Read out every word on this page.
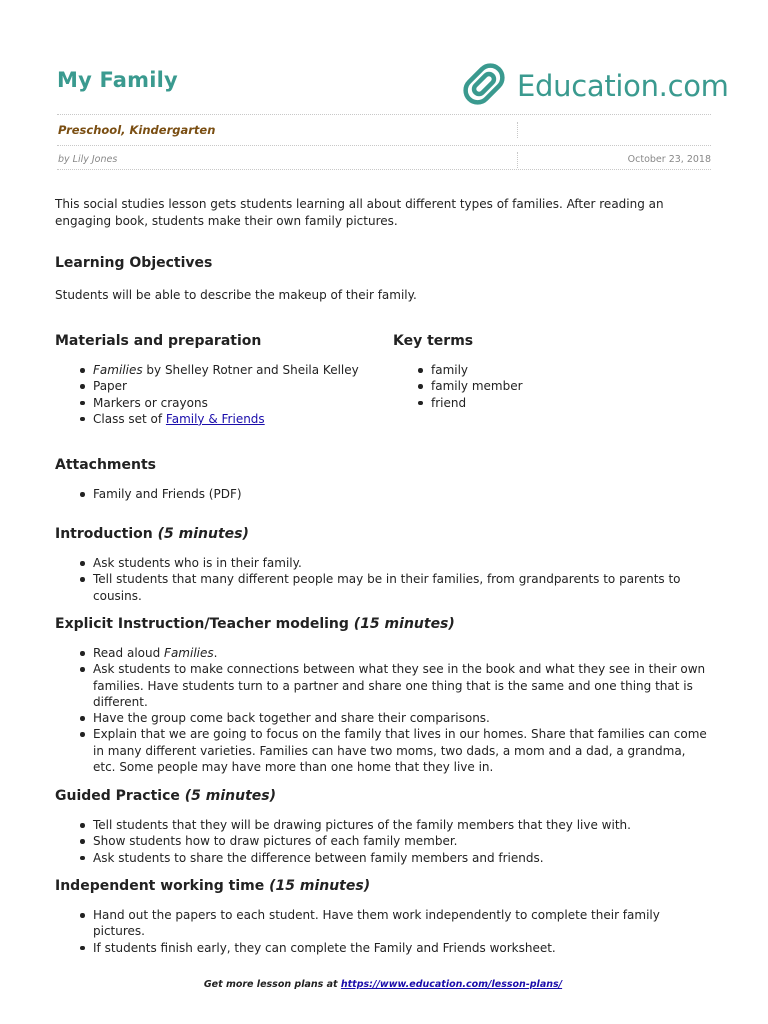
My Family	Education.com
Preschool, Kindergarten
by Lily Jones	October 23, 2018

This social studies lesson gets students learning all about different types of families. After reading an engaging book, students make their own family pictures.

Learning Objectives

Students will be able to describe the makeup of their family.

Materials and preparation
Families by Shelley Rotner and Sheila Kelley
Paper
Markers or crayons
Class set of Family & Friends
Key terms
family
family member
friend
Attachments
Family and Friends (PDF)
Introduction (5 minutes)
Ask students who is in their family.
Tell students that many different people may be in their families, from grandparents to parents to cousins.
Explicit Instruction/Teacher modeling (15 minutes)
Read aloud Families.
Ask students to make connections between what they see in the book and what they see in their own families. Have students turn to a partner and share one thing that is the same and one thing that is different.
Have the group come back together and share their comparisons.
Explain that we are going to focus on the family that lives in our homes. Share that families can come in many different varieties. Families can have two moms, two dads, a mom and a dad, a grandma, etc. Some people may have more than one home that they live in.
Guided Practice (5 minutes)
Tell students that they will be drawing pictures of the family members that they live with.
Show students how to draw pictures of each family member.
Ask students to share the difference between family members and friends.
Independent working time (15 minutes)
Hand out the papers to each student. Have them work independently to complete their family pictures.
If students finish early, they can complete the Family and Friends worksheet.
Get more lesson plans at https://www.education.com/lesson-plans/
